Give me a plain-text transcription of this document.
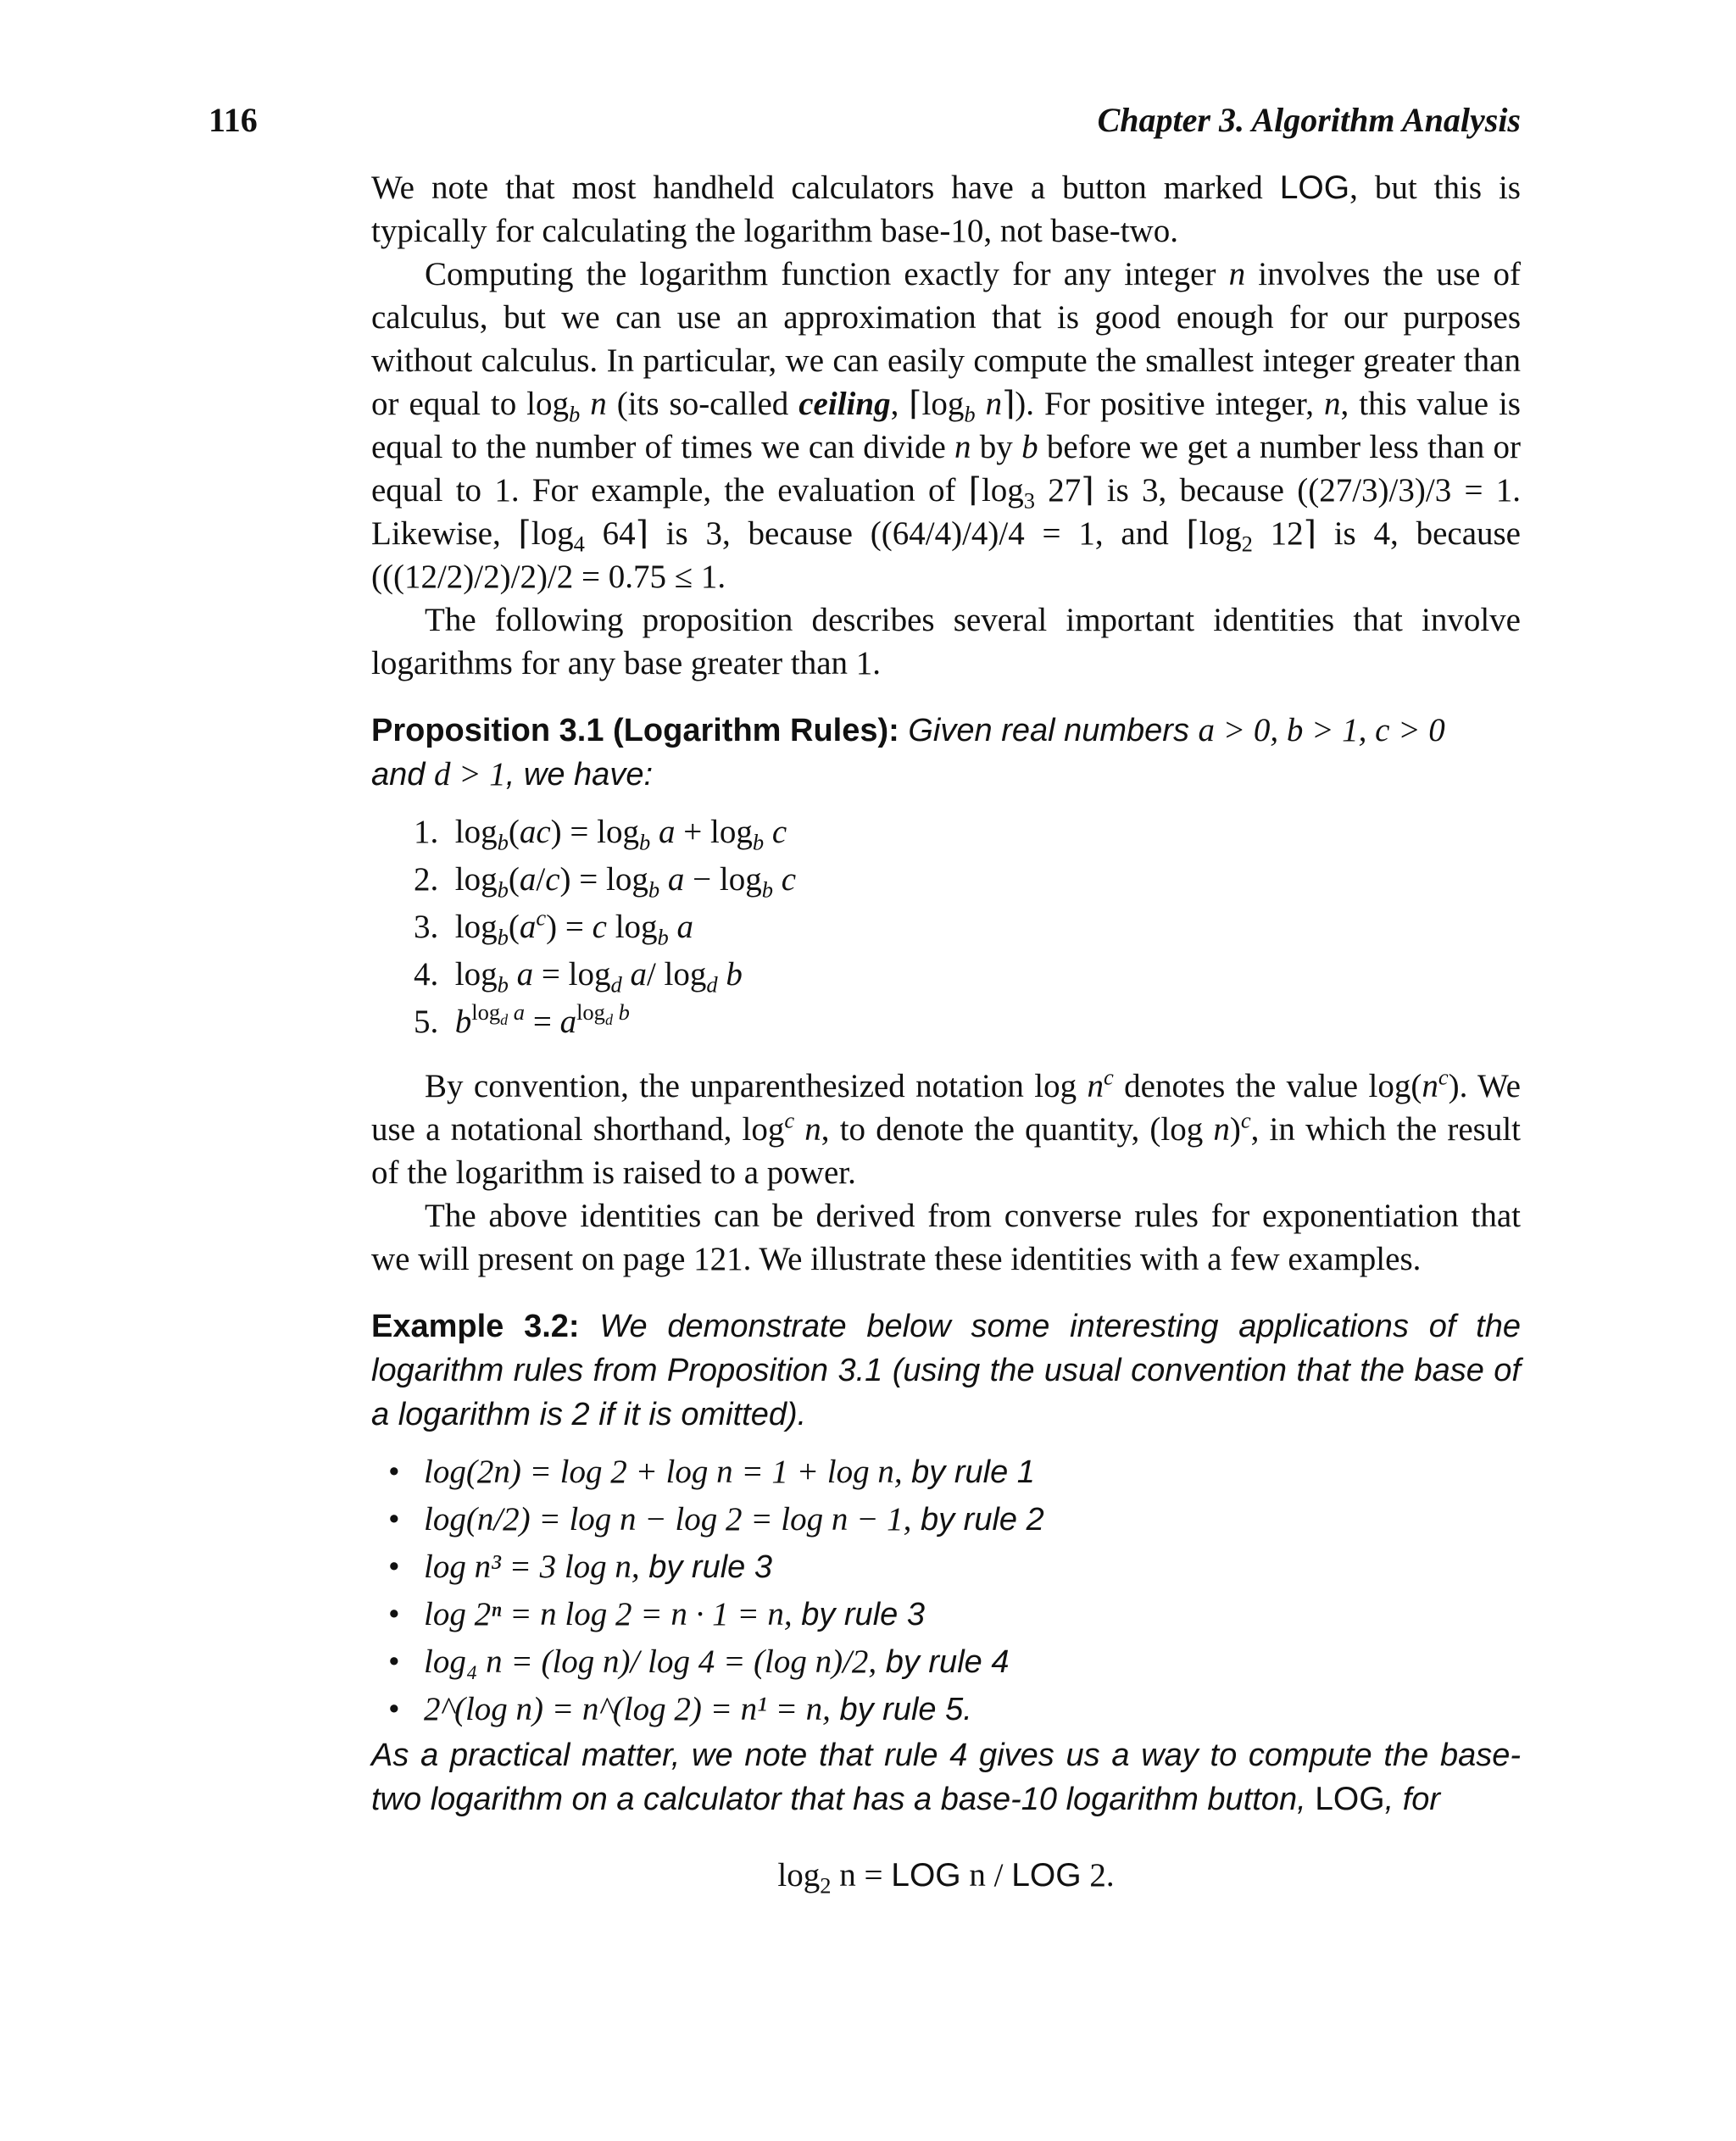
116	Chapter 3. Algorithm Analysis

We note that most handheld calculators have a button marked LOG, but this is typically for calculating the logarithm base-10, not base-two.

Computing the logarithm function exactly for any integer n involves the use of calculus, but we can use an approximation that is good enough for our purposes without calculus. In particular, we can easily compute the smallest integer greater than or equal to $\log_b n$ (its so-called ceiling, $⌈\log_b$ n⌉). For positive integer, n, this value is equal to the number of times we can divide n by b before we get a number less than or equal to 1. For example, the evaluation of $⌈\log_3$ 27⌉ is 3, because ((27/3)/3)/3 = 1. Likewise, $⌈\log_4$ 64⌉ is 3, because ((64/4)/4)/4 = 1, and $⌈\log_2$ 12⌉ is 4, because (((12/2)/2)/2)/2 = 0.75 ≤ 1.

The following proposition describes several important identities that involve logarithms for any base greater than 1.

Proposition 3.1 (Logarithm Rules): Given real numbers a > 0, b > 1, c > 0
and d > 1, we have:

1.  $\log_b(ac) = \log_b a + \log_b c$
2.  $\log_b(a/c) = \log_b a - \log_b c$
3.  $\log_b(a^c) = c$ $\log_b a$
4.  $\log_b a = \log_d a/$ $\log_d b$
5.  $b^{log_d a} = a^{log_d b}$

By convention, the unparenthesized notation $\log n^c$ denotes the value $\log(n^c)$. We use a notational shorthand, $\log^c n$, to denote the quantity, (log n)$^c$, in which the result of the logarithm is raised to a power.

The above identities can be derived from converse rules for exponentiation that we will present on page 121. We illustrate these identities with a few examples.

Example 3.2: We demonstrate below some interesting applications of the logarithm rules from Proposition 3.1 (using the usual convention that the base of a logarithm is 2 if it is omitted).

• log(2n) = log 2 + log n = 1 + log n, by rule 1
• log(n/2) = log n − log 2 = log n − 1, by rule 2
• log n³ = 3 log n, by rule 3
• log 2ⁿ = n log 2 = n · 1 = n, by rule 3
• log₄ n = (log n)/ log 4 = (log n)/2, by rule 4
• 2^(log n) = n^(log 2) = n¹ = n, by rule 5.

As a practical matter, we note that rule 4 gives us a way to compute the base-two logarithm on a calculator that has a base-10 logarithm button, LOG, for

$\log_2 n$ = LOG n / LOG 2.
